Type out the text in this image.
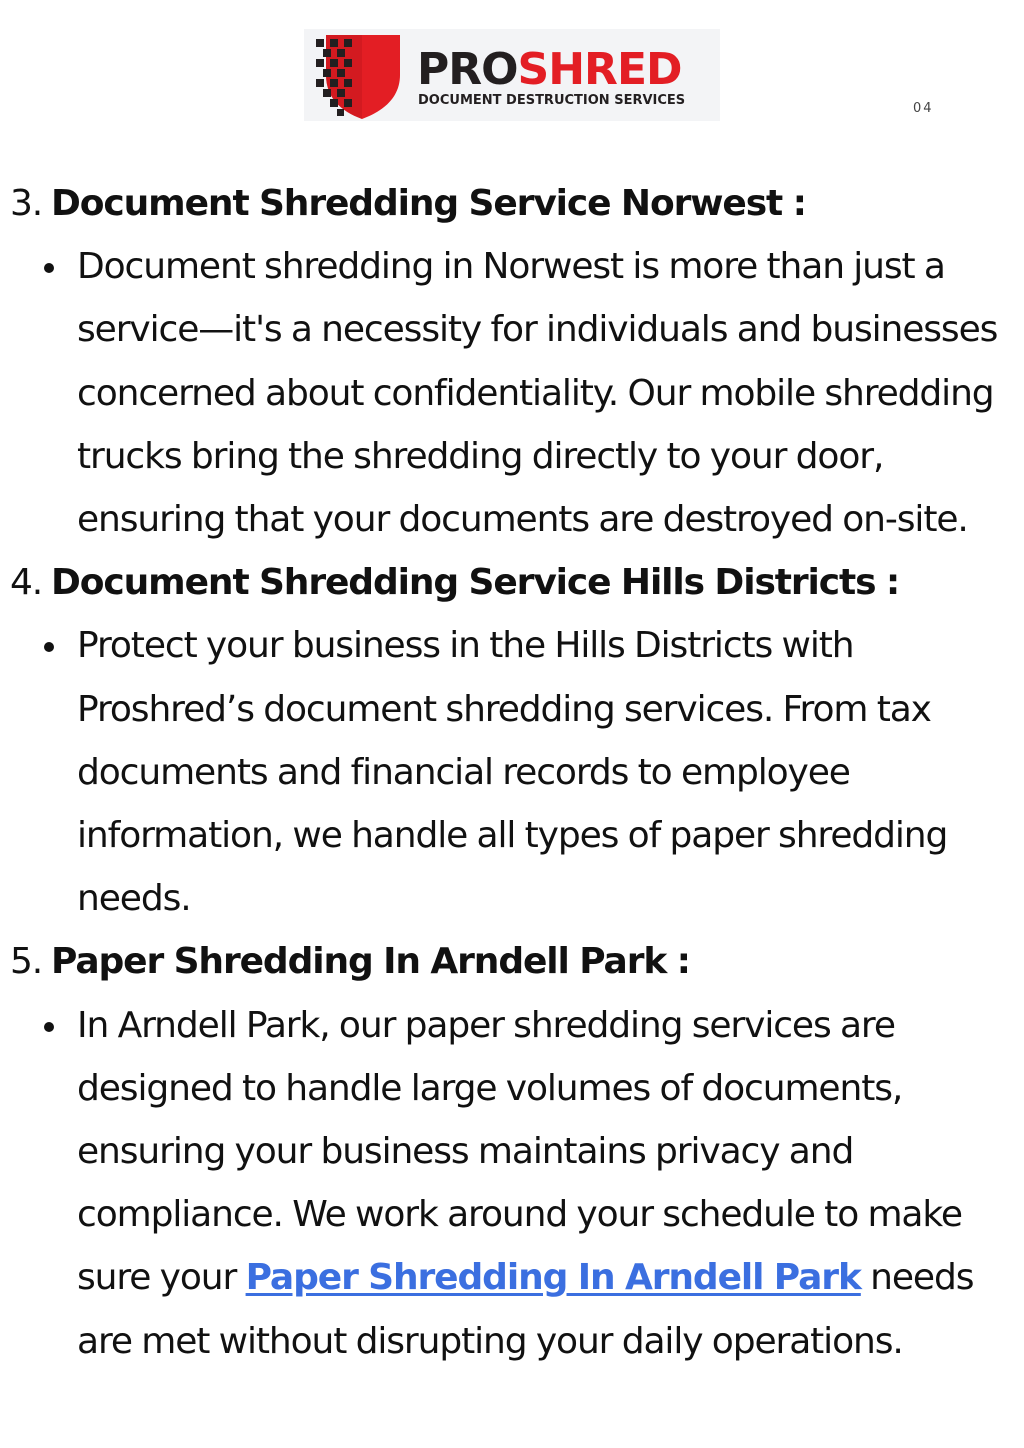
PROSHRED
DOCUMENT DESTRUCTION SERVICES
04
3. Document Shredding Service Norwest :
Document shredding in Norwest is more than just a service—it's a necessity for individuals and businesses concerned about confidentiality. Our mobile shredding trucks bring the shredding directly to your door, ensuring that your documents are destroyed on-site.
4. Document Shredding Service Hills Districts :
Protect your business in the Hills Districts with Proshred’s document shredding services. From tax documents and financial records to employee information, we handle all types of paper shredding needs.
5. Paper Shredding In Arndell Park :
In Arndell Park, our paper shredding services are designed to handle large volumes of documents, ensuring your business maintains privacy and compliance. We work around your schedule to make sure your Paper Shredding In Arndell Park needs are met without disrupting your daily operations.
